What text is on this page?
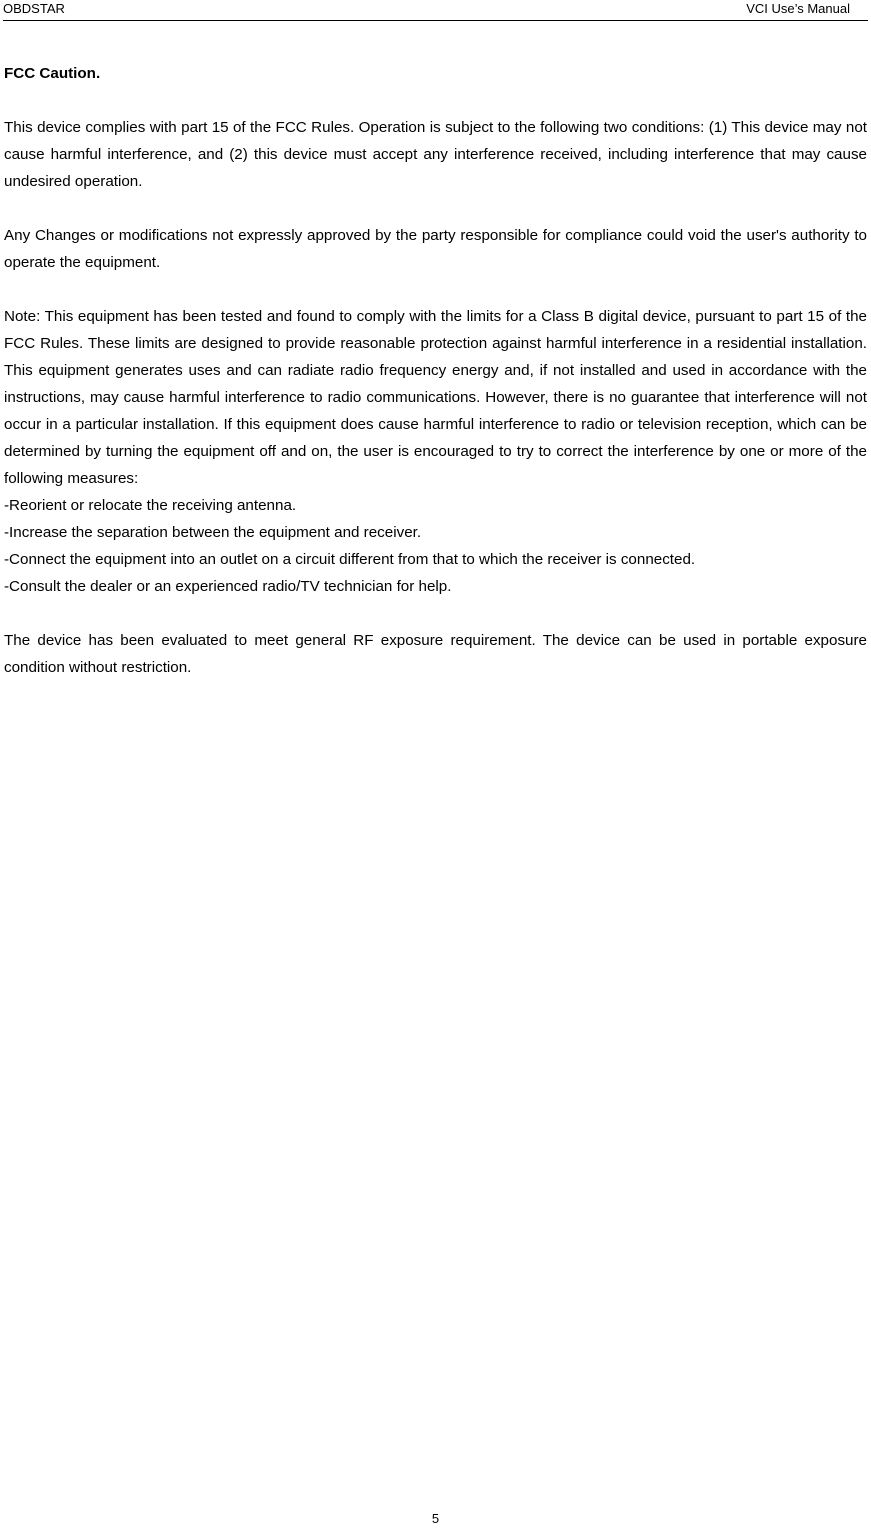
OBDSTAR	VCI Use’s Manual
FCC Caution.

This device complies with part 15 of the FCC Rules. Operation is subject to the following two conditions: (1) This device may not cause harmful interference, and (2) this device must accept any interference received, including interference that may cause undesired operation.

Any Changes or modifications not expressly approved by the party responsible for compliance could void the user's authority to operate the equipment.

Note: This equipment has been tested and found to comply with the limits for a Class B digital device, pursuant to part 15 of the FCC Rules. These limits are designed to provide reasonable protection against harmful interference in a residential installation. This equipment generates uses and can radiate radio frequency energy and, if not installed and used in accordance with the instructions, may cause harmful interference to radio communications. However, there is no guarantee that interference will not occur in a particular installation. If this equipment does cause harmful interference to radio or television reception, which can be determined by turning the equipment off and on, the user is encouraged to try to correct the interference by one or more of the following measures:

-Reorient or relocate the receiving antenna.

-Increase the separation between the equipment and receiver.

-Connect the equipment into an outlet on a circuit different from that to which the receiver is connected.

-Consult the dealer or an experienced radio/TV technician for help.

The device has been evaluated to meet general RF exposure requirement. The device can be used in portable exposure condition without restriction.

5
